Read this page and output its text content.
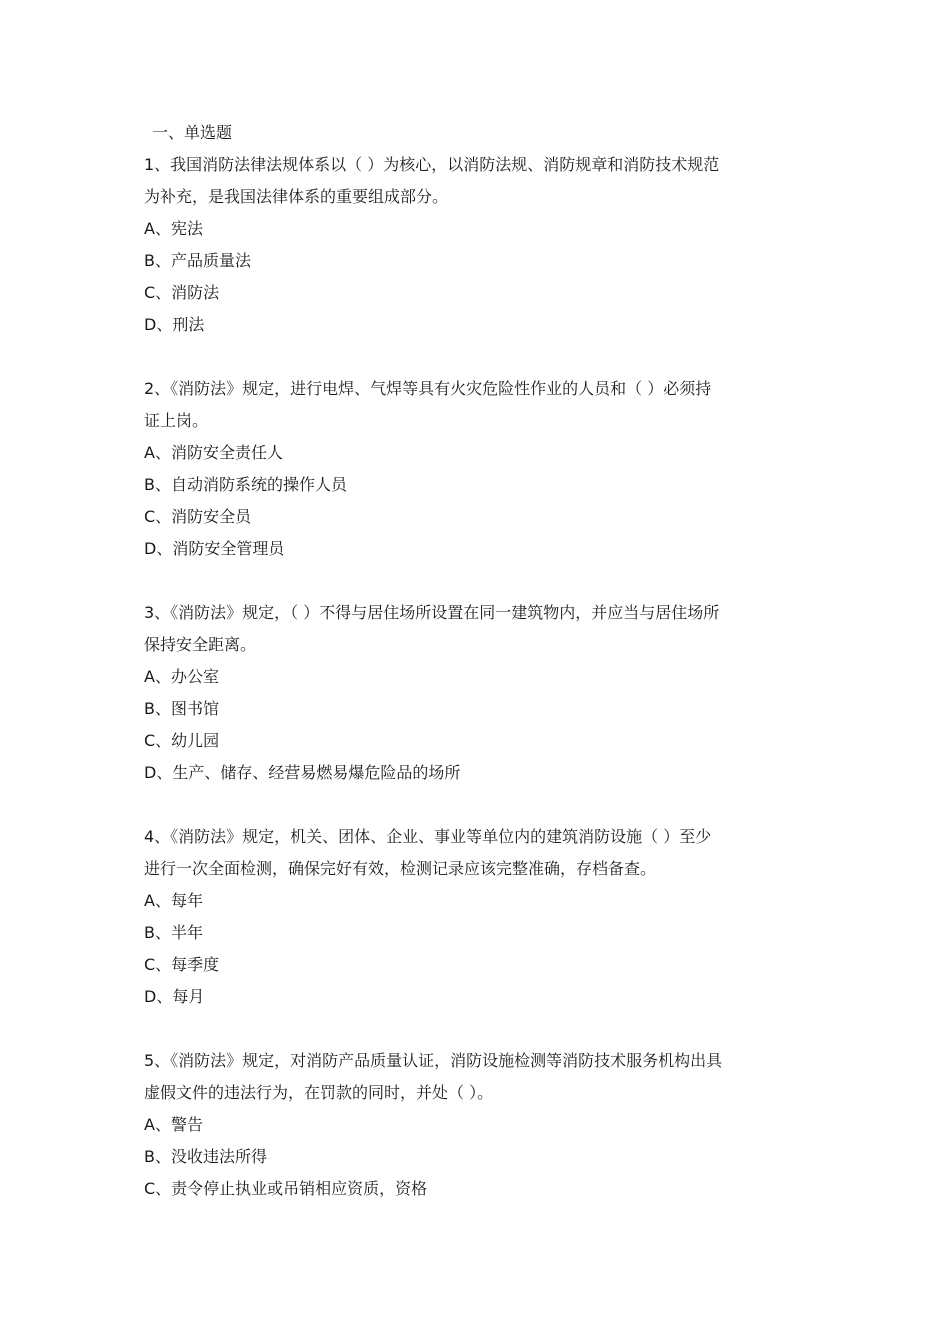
一、单选题
1、我国消防法律法规体系以（ ）为核心，以消防法规、消防规章和消防技术规范
为补充，是我国法律体系的重要组成部分。
A、宪法
B、产品质量法
C、消防法
D、刑法
2、《消防法》规定，进行电焊、气焊等具有火灾危险性作业的人员和（ ）必须持
证上岗。
A、消防安全责任人
B、自动消防系统的操作人员
C、消防安全员
D、消防安全管理员
3、《消防法》规定，（ ）不得与居住场所设置在同一建筑物内，并应当与居住场所
保持安全距离。
A、办公室
B、图书馆
C、幼儿园
D、生产、储存、经营易燃易爆危险品的场所
4、《消防法》规定，机关、团体、企业、事业等单位内的建筑消防设施（ ）至少
进行一次全面检测，确保完好有效，检测记录应该完整准确，存档备查。
A、每年
B、半年
C、每季度
D、每月
5、《消防法》规定，对消防产品质量认证，消防设施检测等消防技术服务机构出具
虚假文件的违法行为，在罚款的同时，并处（ ）。
A、警告
B、没收违法所得
C、责令停止执业或吊销相应资质，资格
